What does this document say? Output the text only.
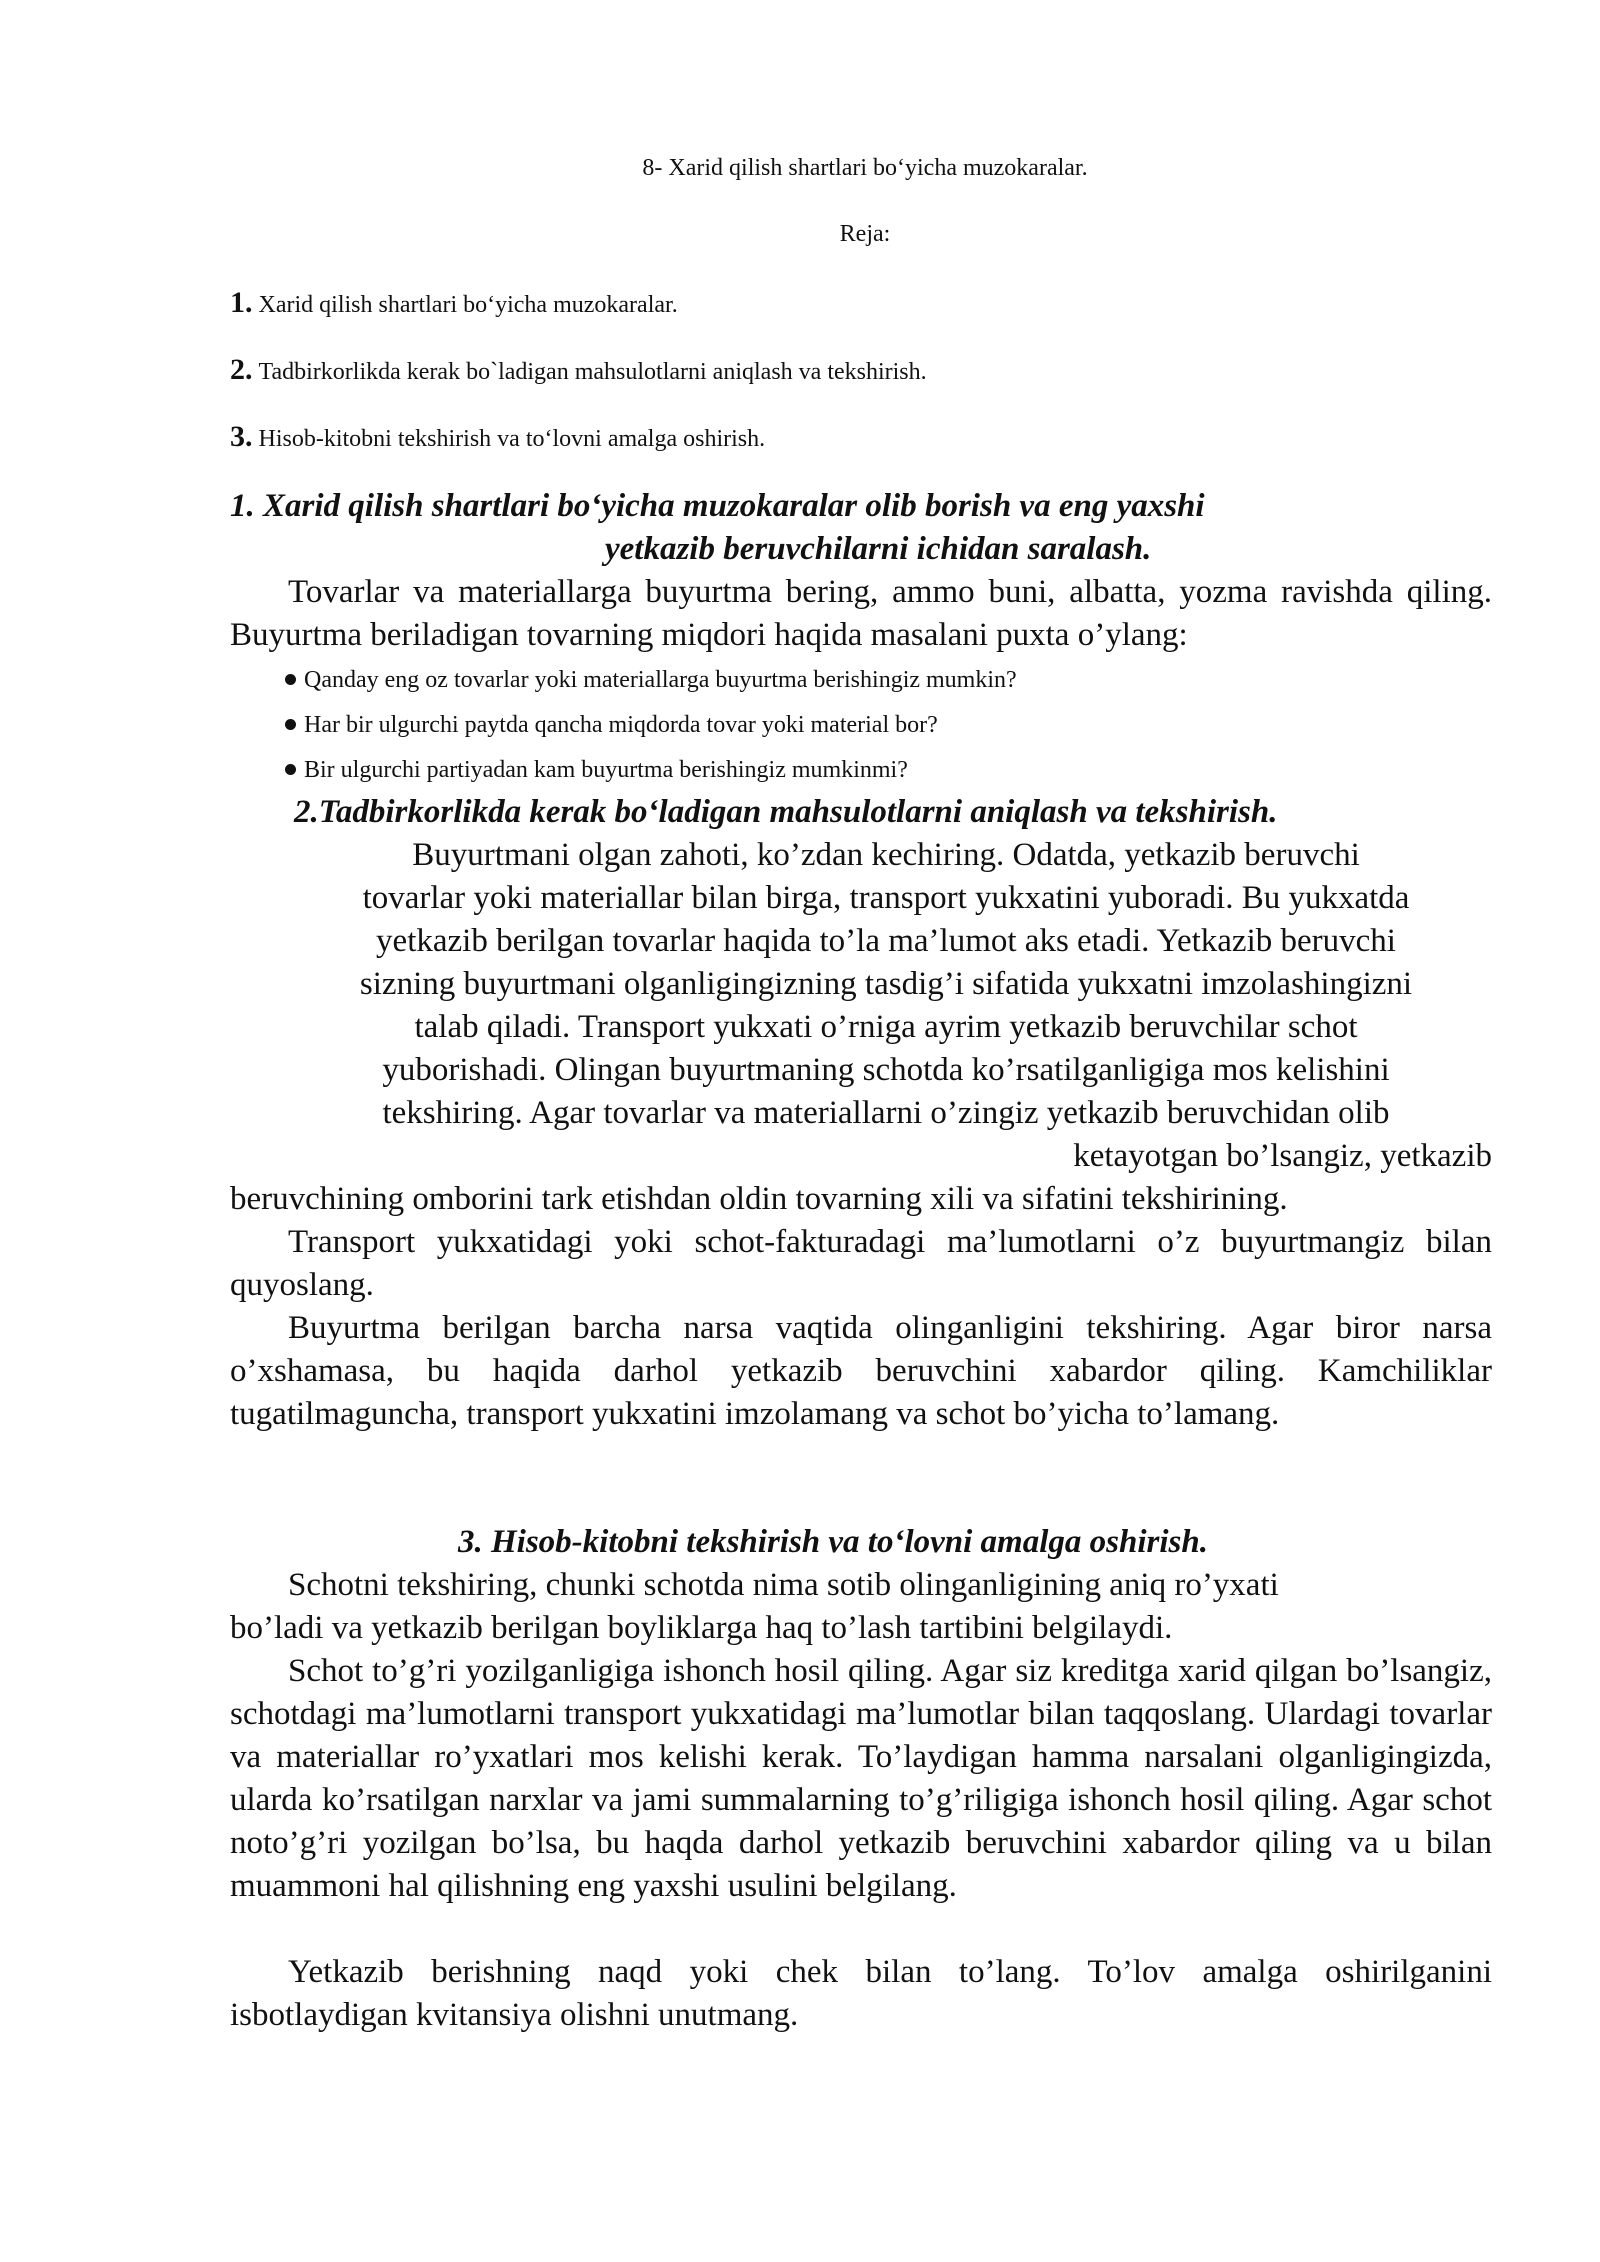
8- Xarid qilish shartlari bo‘yicha muzokaralar.
Reja:
1. Xarid qilish shartlari bo‘yicha muzokaralar.
2. Tadbirkorlikda kerak bo`ladigan mahsulotlarni aniqlash va tekshirish.
3. Hisob-kitobni tekshirish va to‘lovni amalga oshirish.
1. Xarid qilish shartlari bo‘yicha muzokaralar olib borish va eng yaxshi
yetkazib beruvchilarni ichidan saralash.
Tovarlar va materiallarga buyurtma bering, ammo buni, albatta, yozma ravishda qiling. Buyurtma beriladigan tovarning miqdori haqida masalani puxta o’ylang:
Qanday eng oz tovarlar yoki materiallarga buyurtma berishingiz mumkin?
Har bir ulgurchi paytda qancha miqdorda tovar yoki material bor?
Bir ulgurchi partiyadan kam buyurtma berishingiz mumkinmi?
2.Tadbirkorlikda kerak bo‘ladigan mahsulotlarni aniqlash va tekshirish.
Buyurtmani olgan zahoti, ko’zdan kechiring. Odatda, yetkazib beruvchi
tovarlar yoki materiallar bilan birga, transport yukxatini yuboradi. Bu yukxatda
yetkazib berilgan tovarlar haqida to’la ma’lumot aks etadi. Yetkazib beruvchi
sizning buyurtmani olganligingizning tasdig’i sifatida yukxatni imzolashingizni
talab qiladi. Transport yukxati o’rniga ayrim yetkazib beruvchilar schot
yuborishadi. Olingan buyurtmaning schotda ko’rsatilganligiga mos kelishini
tekshiring. Agar tovarlar va materiallarni o’zingiz yetkazib beruvchidan olib
ketayotgan bo’lsangiz, yetkazib
beruvchining omborini tark etishdan oldin tovarning xili va sifatini tekshirining.
Transport yukxatidagi yoki schot-fakturadagi ma’lumotlarni o’z buyurtmangiz bilan quyoslang.
Buyurtma berilgan barcha narsa vaqtida olinganligini tekshiring. Agar biror narsa o’xshamasa, bu haqida darhol yetkazib beruvchini xabardor qiling. Kamchiliklar tugatilmaguncha, transport yukxatini imzolamang va schot bo’yicha to’lamang.
3. Hisob-kitobni tekshirish va to‘lovni amalga oshirish.
Schotni tekshiring, chunki schotda nima sotib olinganligining aniq ro’yxati
bo’ladi va yetkazib berilgan boyliklarga haq to’lash tartibini belgilaydi.
Schot to’g’ri yozilganligiga ishonch hosil qiling. Agar siz kreditga xarid qilgan bo’lsangiz, schotdagi ma’lumotlarni transport yukxatidagi ma’lumotlar bilan taqqoslang. Ulardagi tovarlar va materiallar ro’yxatlari mos kelishi kerak. To’laydigan hamma narsalani olganligingizda, ularda ko’rsatilgan narxlar va jami summalarning to’g’riligiga ishonch hosil qiling. Agar schot noto’g’ri yozilgan bo’lsa, bu haqda darhol yetkazib beruvchini xabardor qiling va u bilan muammoni hal qilishning eng yaxshi usulini belgilang.
Yetkazib berishning naqd yoki chek bilan to’lang. To’lov amalga oshirilganini isbotlaydigan kvitansiya olishni unutmang.
